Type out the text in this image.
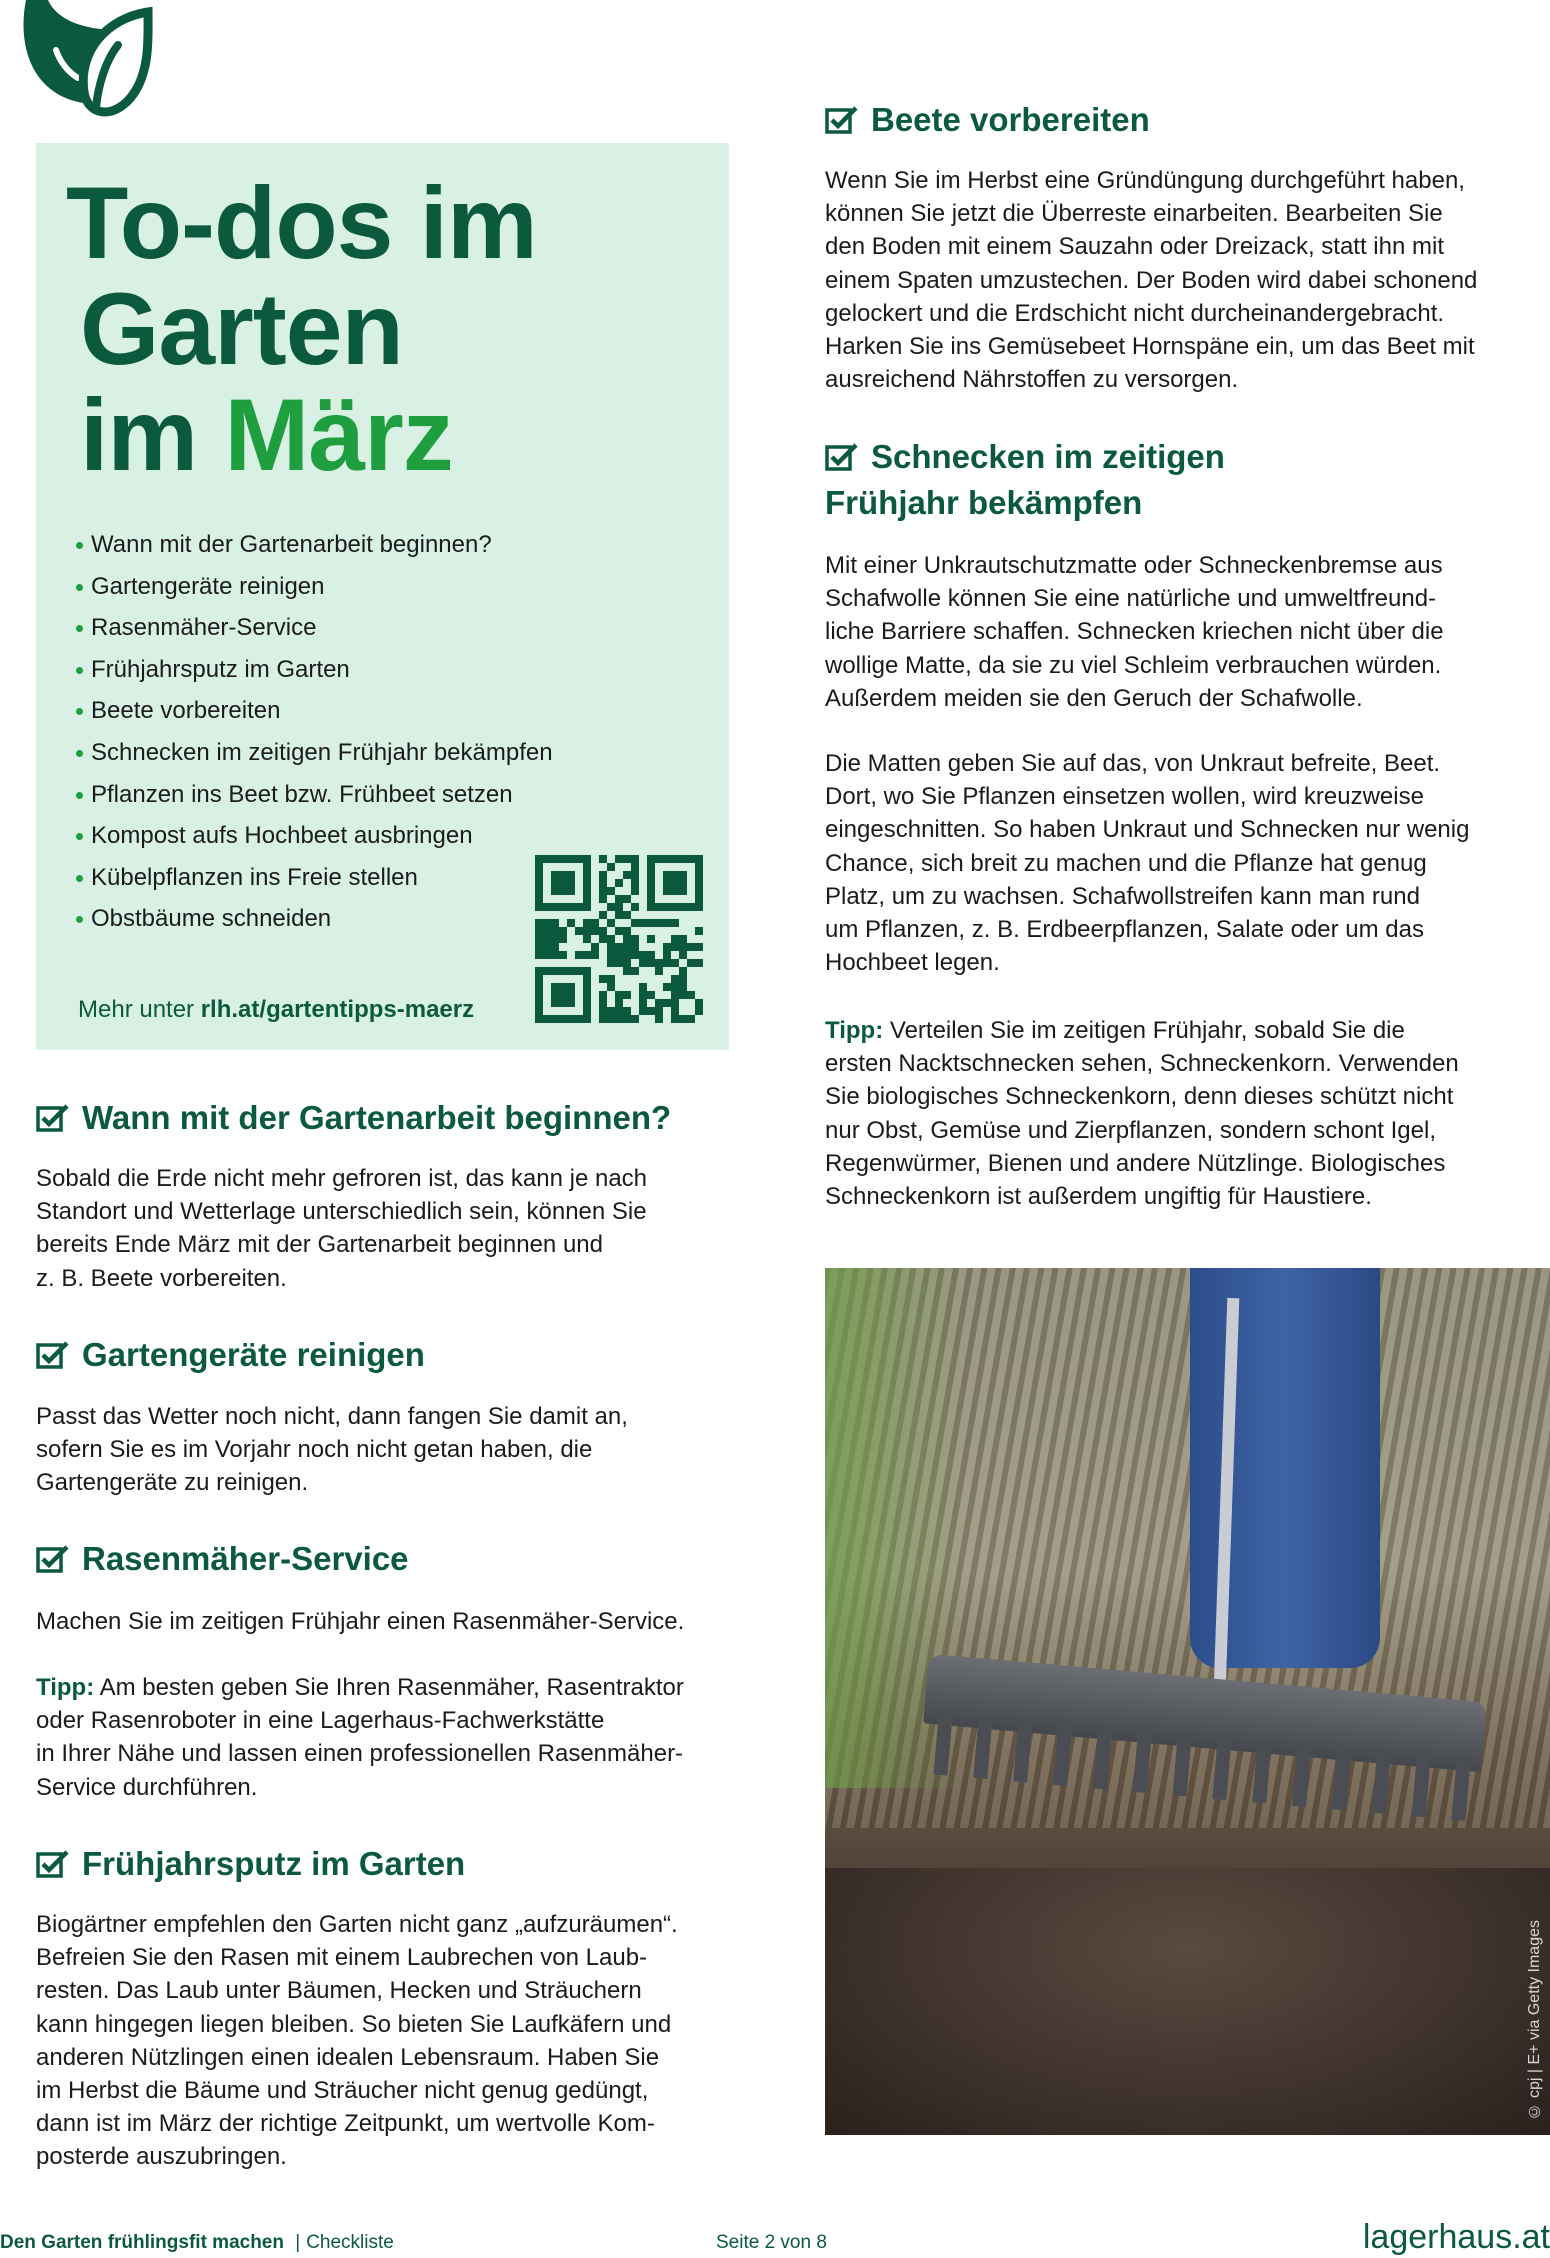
To-dos im
Garten
im März
Wann mit der Gartenarbeit beginnen?
Gartengeräte reinigen
Rasenmäher-Service
Frühjahrsputz im Garten
Beete vorbereiten
Schnecken im zeitigen Frühjahr bekämpfen
Pflanzen ins Beet bzw. Frühbeet setzen
Kompost aufs Hochbeet ausbringen
Kübelpflanzen ins Freie stellen
Obstbäume schneiden
Mehr unter rlh.at/gartentipps-maerz
Wann mit der Gartenarbeit beginnen?
Sobald die Erde nicht mehr gefroren ist, das kann je nach
Standort und Wetterlage unterschiedlich sein, können Sie
bereits Ende März mit der Gartenarbeit beginnen und
z. B. Beete vorbereiten.
Gartengeräte reinigen
Passt das Wetter noch nicht, dann fangen Sie damit an,
sofern Sie es im Vorjahr noch nicht getan haben, die
Gartengeräte zu reinigen.
Rasenmäher-Service
Machen Sie im zeitigen Frühjahr einen Rasenmäher-Service.
Tipp: Am besten geben Sie Ihren Rasenmäher, Rasentraktor
oder Rasenroboter in eine Lagerhaus-Fachwerkstätte
in Ihrer Nähe und lassen einen professionellen Rasenmäher-
Service durchführen.
Frühjahrsputz im Garten
Biogärtner empfehlen den Garten nicht ganz „aufzuräumen“.
Befreien Sie den Rasen mit einem Laubrechen von Laub-
resten. Das Laub unter Bäumen, Hecken und Sträuchern
kann hingegen liegen bleiben. So bieten Sie Laufkäfern und
anderen Nützlingen einen idealen Lebensraum. Haben Sie
im Herbst die Bäume und Sträucher nicht genug gedüngt,
dann ist im März der richtige Zeitpunkt, um wertvolle Kom-
posterde auszubringen.
Beete vorbereiten
Wenn Sie im Herbst eine Gründüngung durchgeführt haben,
können Sie jetzt die Überreste einarbeiten. Bearbeiten Sie
den Boden mit einem Sauzahn oder Dreizack, statt ihn mit
einem Spaten umzustechen. Der Boden wird dabei schonend
gelockert und die Erdschicht nicht durcheinandergebracht.
Harken Sie ins Gemüsebeet Hornspäne ein, um das Beet mit
ausreichend Nährstoffen zu versorgen.
Schnecken im zeitigen
Frühjahr bekämpfen
Mit einer Unkrautschutzmatte oder Schneckenbremse aus
Schafwolle können Sie eine natürliche und umweltfreund-
liche Barriere schaffen. Schnecken kriechen nicht über die
wollige Matte, da sie zu viel Schleim verbrauchen würden.
Außerdem meiden sie den Geruch der Schafwolle.
Die Matten geben Sie auf das, von Unkraut befreite, Beet.
Dort, wo Sie Pflanzen einsetzen wollen, wird kreuzweise
eingeschnitten. So haben Unkraut und Schnecken nur wenig
Chance, sich breit zu machen und die Pflanze hat genug
Platz, um zu wachsen. Schafwollstreifen kann man rund
um Pflanzen, z. B. Erdbeerpflanzen, Salate oder um das
Hochbeet legen.
Tipp: Verteilen Sie im zeitigen Frühjahr, sobald Sie die
ersten Nacktschnecken sehen, Schneckenkorn. Verwenden
Sie biologisches Schneckenkorn, denn dieses schützt nicht
nur Obst, Gemüse und Zierpflanzen, sondern schont Igel,
Regenwürmer, Bienen und andere Nützlinge. Biologisches
Schneckenkorn ist außerdem ungiftig für Haustiere.
© cpj | E+ via Getty Images
Den Garten frühlingsfit machen | Checkliste	Seite 2 von 8	lagerhaus.at
